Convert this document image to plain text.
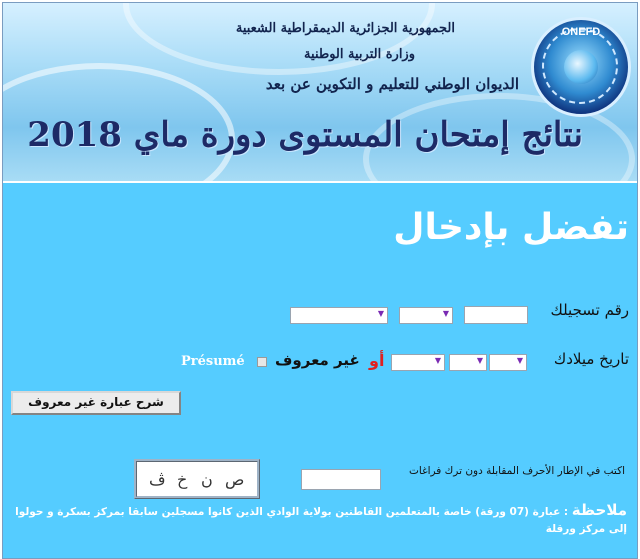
الجمهورية الجزائرية الديمقراطية الشعبية
وزارة التربية الوطنية
الديوان الوطني للتعليم و التكوين عن بعد
نتائج إمتحان المستوى دورة ماي 2018
ONEFD
تفضل بإدخال
رقم تسجيلك
▼
▼
تاريخ ميلادك
▼
▼
▼
أو
غير معروف
Présumé
شرح عبارة غير معروف
ص
ن
خ
ڤ	اكتب في الإطار الأحرف المقابلة دون ترك فراغات
ملاحظة : عبارة (07 ورقة) خاصة بالمتعلمين القاطنين بولاية الوادي الذين كانوا مسجلين سابقا بمركز بسكرة و حولوا إلى مركز ورقلة
